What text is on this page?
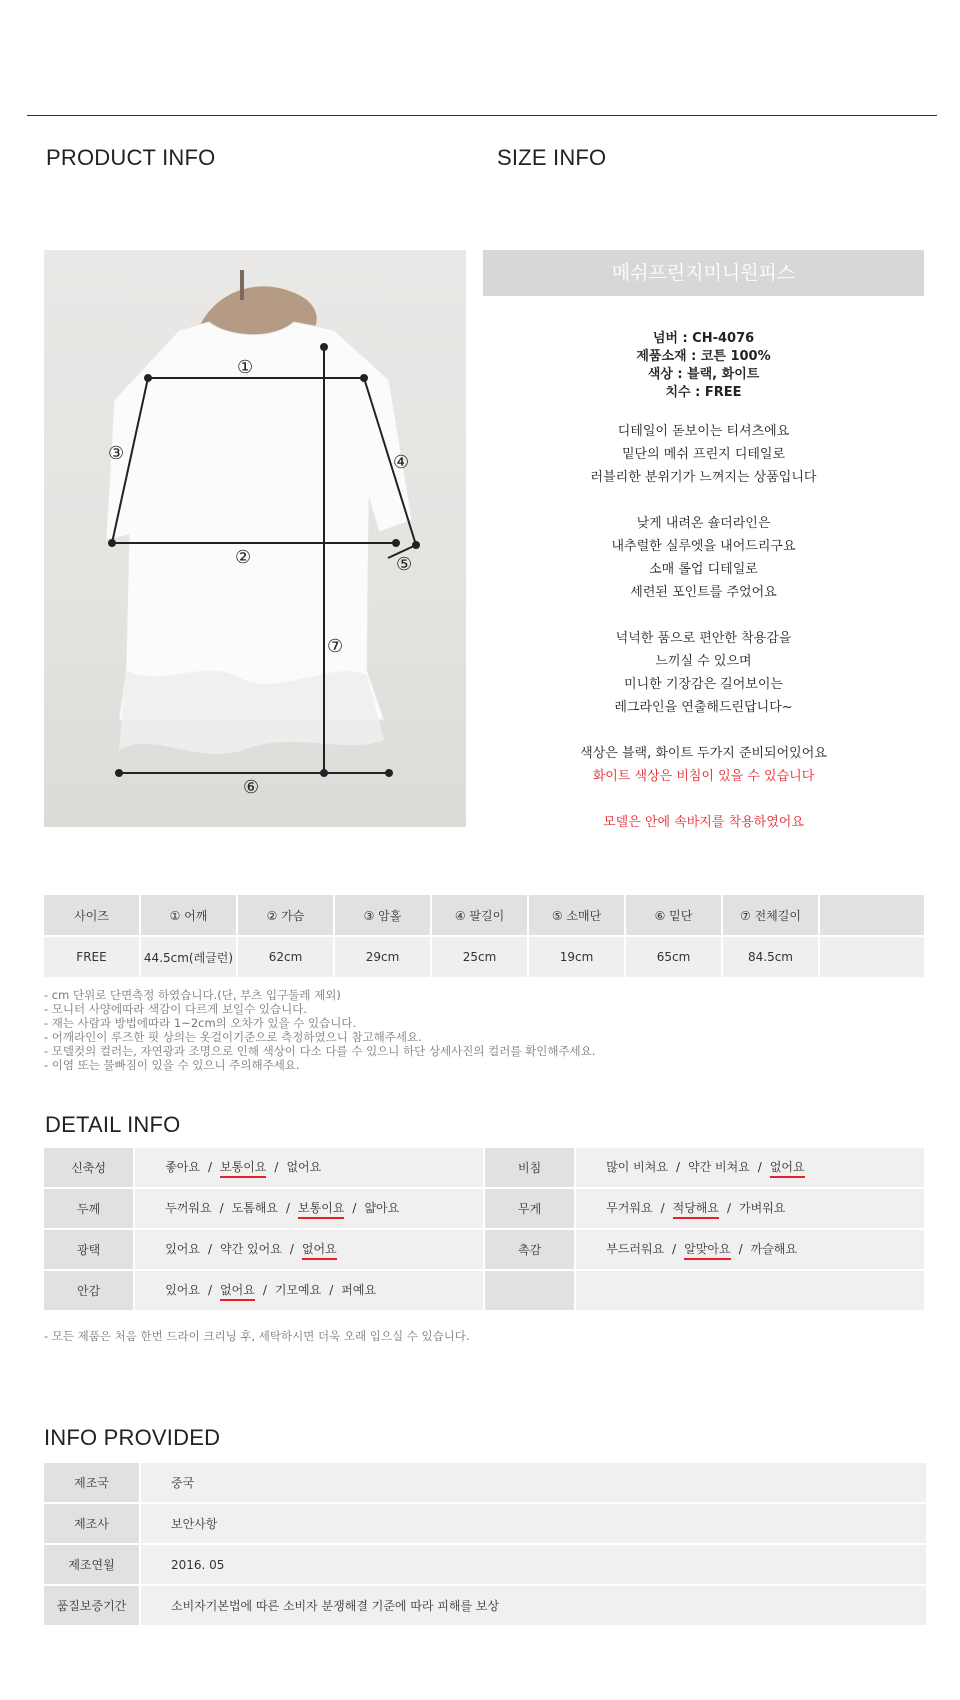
PRODUCT INFO	SIZE INFO
①
②
③	④
⑤
⑦
⑥
메쉬프린지미니원피스
넘버 : CH-4076
제품소재 : 코튼 100%
색상 : 블랙, 화이트
치수 : FREE
디테일이 돋보이는 티셔츠에요
밑단의 메쉬 프린지 디테일로
러블리한 분위기가 느껴지는 상품입니다
낮게 내려온 숄더라인은
내추럴한 실루엣을 내어드리구요
소매 롤업 디테일로
세련된 포인트를 주었어요
넉넉한 품으로 편안한 착용감을
느끼실 수 있으며
미니한 기장감은 길어보이는
레그라인을 연출해드린답니다~
색상은 블랙, 화이트 두가지 준비되어있어요
화이트 색상은 비침이 있을 수 있습니다
모델은 안에 속바지를 착용하였어요
사이즈	① 어깨	② 가슴	③ 암홀	④ 팔길이	⑤ 소매단	⑥ 밑단	⑦ 전체길이	
FREE	44.5cm(레글런)	62cm	29cm	25cm	19cm	65cm	84.5cm	
- cm 단위로 단면측정 하였습니다.(단, 부츠 입구둘레 제외)
- 모니터 사양에따라 색감이 다르게 보일수 있습니다.
- 재는 사람과 방법에따라 1~2cm의 오차가 있을 수 있습니다.
- 어깨라인이 루즈한 핏 상의는 옷걸이기준으로 측정하였으니 참고해주세요.
- 모델컷의 컬러는, 자연광과 조명으로 인해 색상이 다소 다를 수 있으니 하단 상세사진의 컬러를 확인해주세요.
- 이염 또는 물빠짐이 있을 수 있으니 주의해주세요.
DETAIL INFO
신축성	좋아요 / 보통이요 / 없어요	비침	많이 비쳐요 / 약간 비쳐요 / 없어요
두께	두꺼워요 / 도톰해요 / 보통이요 / 얇아요	무게	무거워요 / 적당해요 / 가벼워요
광택	있어요 / 약간 있어요 / 없어요	촉감	부드러워요 / 알맞아요 / 까슬해요
안감	있어요 / 없어요 / 기모예요 / 퍼예요		
- 모든 제품은 처음 한번 드라이 크리닝 후, 세탁하시면 더욱 오래 입으실 수 있습니다.
INFO PROVIDED
제조국	중국
제조사	보안사항
제조연월	2016. 05
품질보증기간	소비자기본법에 따른 소비자 분쟁해결 기준에 따라 피해를 보상
